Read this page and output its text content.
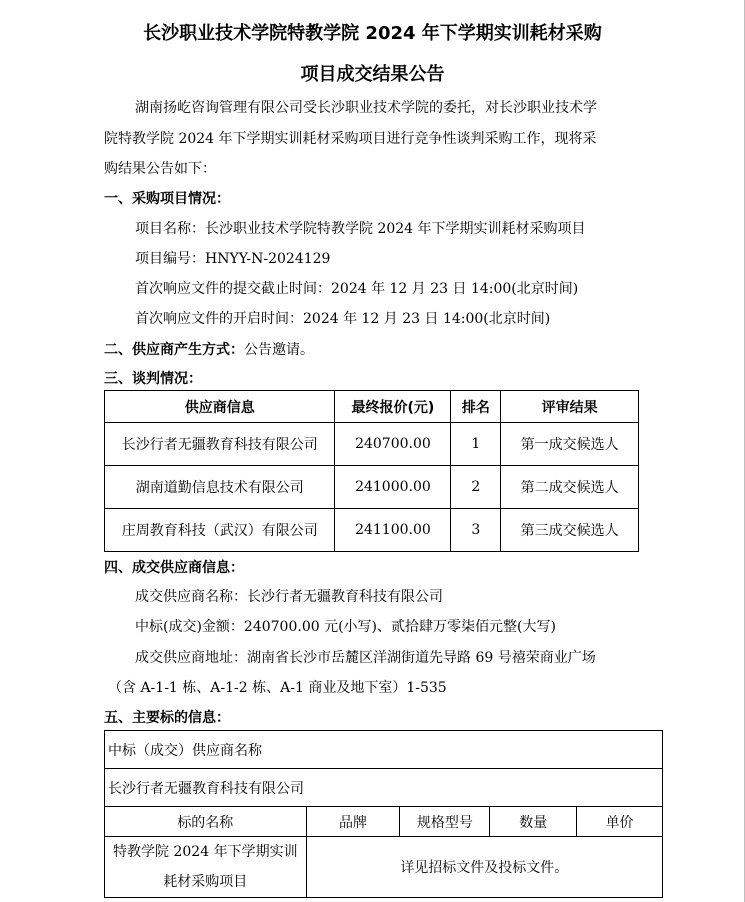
长沙职业技术学院特教学院 2024 年下学期实训耗材采购
项目成交结果公告
湖南扬屹咨询管理有限公司受长沙职业技术学院的委托，对长沙职业技术学
院特教学院 2024 年下学期实训耗材采购项目进行竞争性谈判采购工作，现将采
购结果公告如下：
一、采购项目情况：
项目名称：长沙职业技术学院特教学院 2024 年下学期实训耗材采购项目
项目编号：HNYY-N-2024129
首次响应文件的提交截止时间：2024 年 12 月 23 日 14:00(北京时间)
首次响应文件的开启时间：2024 年 12 月 23 日 14:00(北京时间)
二、供应商产生方式：公告邀请。
三、谈判情况：
供应商信息	最终报价(元)	排名	评审结果
长沙行者无疆教育科技有限公司	240700.00	1	第一成交候选人
湖南道勤信息技术有限公司	241000.00	2	第二成交候选人
庄周教育科技（武汉）有限公司	241100.00	3	第三成交候选人
四、成交供应商信息：
成交供应商名称：长沙行者无疆教育科技有限公司
中标(成交)金额：240700.00 元(小写)、贰拾肆万零柒佰元整(大写)
成交供应商地址：湖南省长沙市岳麓区洋湖街道先导路 69 号禧荣商业广场
（含 A-1-1 栋、A-1-2 栋、A-1 商业及地下室）1-535
五、主要标的信息：
中标（成交）供应商名称				
长沙行者无疆教育科技有限公司				
标的名称	品牌	规格型号	数量	单价

特教学院 2024 年下学期实训
耗材采购项目	详见招标文件及投标文件。			
